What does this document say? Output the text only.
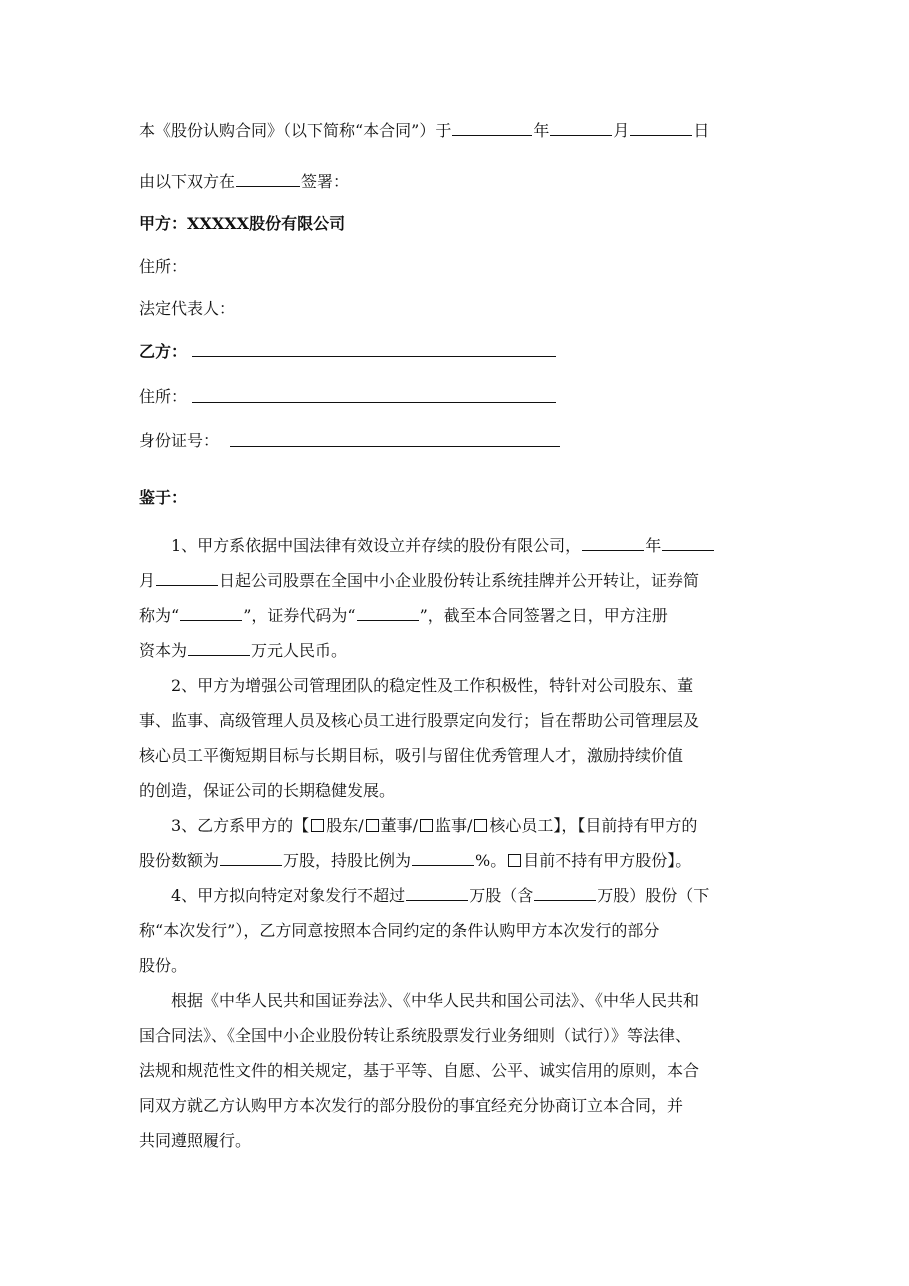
本《股份认购合同》（以下简称“本合同”）于	年	月	日
由以下双方在	签署：
甲方：XXXXX股份有限公司
住所：
法定代表人：
乙方：
住所：
身份证号：
鉴于：
1、甲方系依据中国法律有效设立并存续的股份有限公司，	年
月	日起公司股票在全国中小企业股份转让系统挂牌并公开转让，证券简
称为“	”，证券代码为“	”，截至本合同签署之日，甲方注册
资本为	万元人民币。
2、甲方为增强公司管理团队的稳定性及工作积极性，特针对公司股东、董
事、监事、高级管理人员及核心员工进行股票定向发行；旨在帮助公司管理层及
核心员工平衡短期目标与长期目标，吸引与留住优秀管理人才，激励持续价值
的创造，保证公司的长期稳健发展。
3、乙方系甲方的【 股东/ 董事/ 监事/ 核心员工】，【目前持有甲方的
股份数额为	万股，持股比例为	%。 目前不持有甲方股份】。
4、甲方拟向特定对象发行不超过	万股（含	万股）股份（下
称“本次发行”），乙方同意按照本合同约定的条件认购甲方本次发行的部分
股份。
根据《中华人民共和国证券法》、《中华人民共和国公司法》、《中华人民共和
国合同法》、《全国中小企业股份转让系统股票发行业务细则（试行）》等法律、
法规和规范性文件的相关规定，基于平等、自愿、公平、诚实信用的原则，本合
同双方就乙方认购甲方本次发行的部分股份的事宜经充分协商订立本合同，并
共同遵照履行。
